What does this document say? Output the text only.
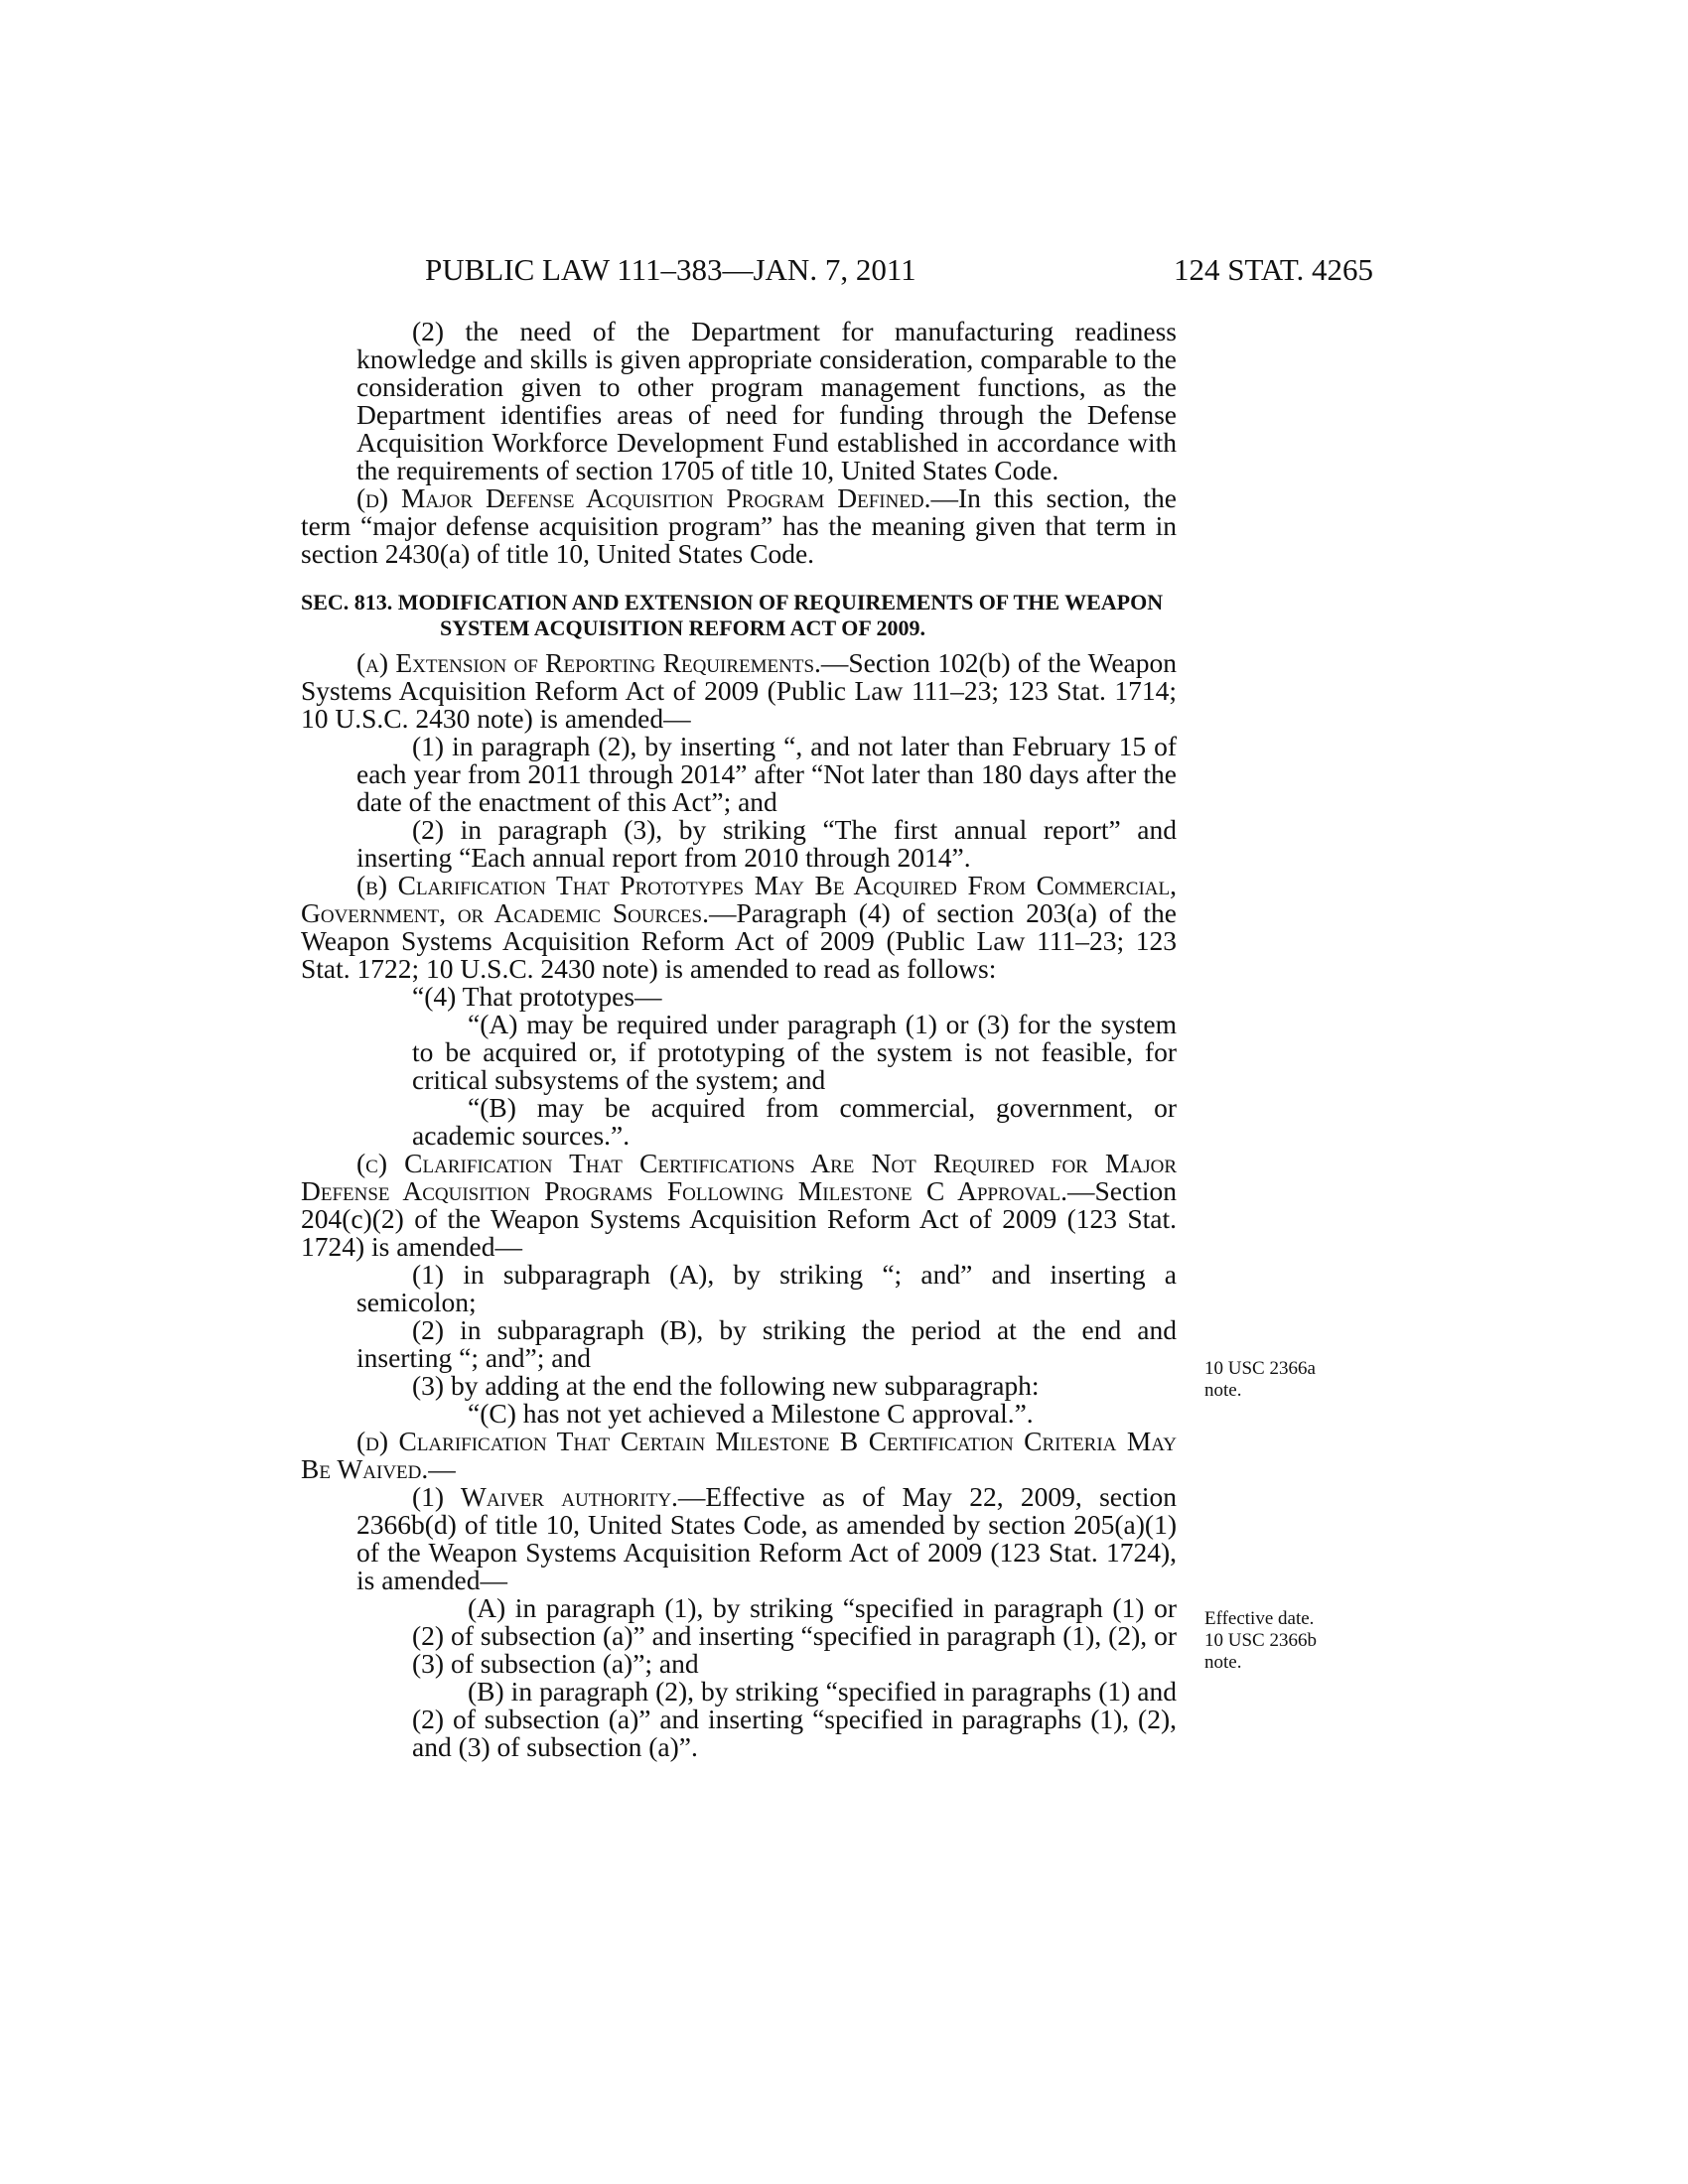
PUBLIC LAW 111–383—JAN. 7, 2011	124 STAT. 4265

(2) the need of the Department for manufacturing readiness knowledge and skills is given appropriate consideration, comparable to the consideration given to other program management functions, as the Department identifies areas of need for funding through the Defense Acquisition Workforce Development Fund established in accordance with the requirements of section 1705 of title 10, United States Code.

(d) Major Defense Acquisition Program Defined.—In this section, the term “major defense acquisition program” has the meaning given that term in section 2430(a) of title 10, United States Code.

SEC. 813. MODIFICATION AND EXTENSION OF REQUIREMENTS OF THE WEAPON SYSTEM ACQUISITION REFORM ACT OF 2009.

(a) Extension of Reporting Requirements.—Section 102(b) of the Weapon Systems Acquisition Reform Act of 2009 (Public Law 111–23; 123 Stat. 1714; 10 U.S.C. 2430 note) is amended—

(1) in paragraph (2), by inserting “, and not later than February 15 of each year from 2011 through 2014” after “Not later than 180 days after the date of the enactment of this Act”; and

(2) in paragraph (3), by striking “The first annual report” and inserting “Each annual report from 2010 through 2014”.

(b) Clarification That Prototypes May Be Acquired From Commercial, Government, or Academic Sources.—Paragraph (4) of section 203(a) of the Weapon Systems Acquisition Reform Act of 2009 (Public Law 111–23; 123 Stat. 1722; 10 U.S.C. 2430 note) is amended to read as follows:

“(4) That prototypes—

“(A) may be required under paragraph (1) or (3) for the system to be acquired or, if prototyping of the system is not feasible, for critical subsystems of the system; and

“(B) may be acquired from commercial, government, or academic sources.”.

(c) Clarification That Certifications Are Not Required for Major Defense Acquisition Programs Following Milestone C Approval.—Section 204(c)(2) of the Weapon Systems Acquisition Reform Act of 2009 (123 Stat. 1724) is amended—

(1) in subparagraph (A), by striking “; and” and inserting a semicolon;

(2) in subparagraph (B), by striking the period at the end and inserting “; and”; and

(3) by adding at the end the following new subparagraph:

“(C) has not yet achieved a Milestone C approval.”.

(d) Clarification That Certain Milestone B Certification Criteria May Be Waived.—

(1) Waiver authority.—Effective as of May 22, 2009, section 2366b(d) of title 10, United States Code, as amended by section 205(a)(1) of the Weapon Systems Acquisition Reform Act of 2009 (123 Stat. 1724), is amended—

(A) in paragraph (1), by striking “specified in paragraph (1) or (2) of subsection (a)” and inserting “specified in paragraph (1), (2), or (3) of subsection (a)”; and

(B) in paragraph (2), by striking “specified in paragraphs (1) and (2) of subsection (a)” and inserting “specified in paragraphs (1), (2), and (3) of subsection (a)”.

10 USC 2366a
note.
Effective date.
10 USC 2366b
note.
